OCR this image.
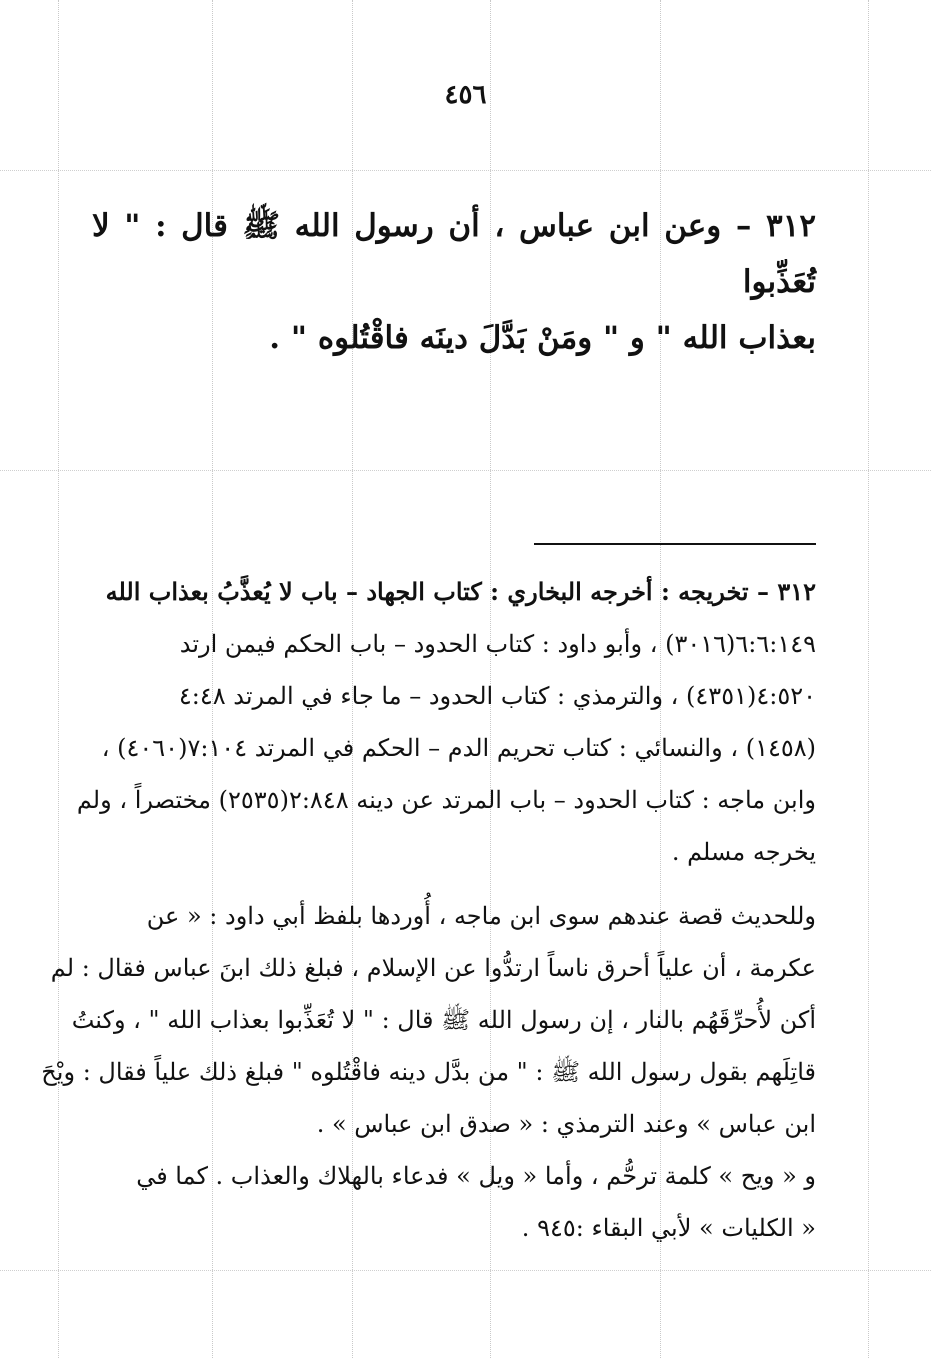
٤٥٦
٣١٢ – وعن ابن عباس ، أن رسول الله ﷺ قال : " لا تُعَذِّبوا
بعذاب الله " و " ومَنْ بَدَّلَ دينَه فاقْتُلوه " .

٣١٢ – تخريجه : أخرجه البخاري : كتاب الجهاد – باب لا يُعذَّبُ بعذاب الله

٦:٦:١٤٩(٣٠١٦) ، وأبو داود : كتاب الحدود – باب الحكم فيمن ارتد

٤:٥٢٠(٤٣٥١) ، والترمذي : كتاب الحدود – ما جاء في المرتد ٤:٤٨

(١٤٥٨) ، والنسائي : كتاب تحريم الدم – الحكم في المرتد ٧:١٠٤(٤٠٦٠) ،

وابن ماجه : كتاب الحدود – باب المرتد عن دينه ٢:٨٤٨(٢٥٣٥) مختصراً ، ولم

يخرجه مسلم .

وللحديث قصة عندهم سوى ابن ماجه ، أُوردها بلفظ أبي داود : « عن

عكرمة ، أن علياً أحرق ناساً ارتدُّوا عن الإسلام ، فبلغ ذلك ابنَ عباس فقال : لم

أكن لأُحرِّقَهُم بالنار ، إن رسول الله ﷺ قال : " لا تُعَذِّبوا بعذاب الله " ، وكنتُ

قاتِلَهم بقول رسول الله ﷺ : " من بدَّل دينه فاقْتُلوه " فبلغ ذلك علياً فقال : ويْحَ

ابن عباس » وعند الترمذي : « صدق ابن عباس » .

و « ويح » كلمة ترحُّم ، وأما « ويل » فدعاء بالهلاك والعذاب . كما في

« الكليات » لأبي البقاء :٩٤٥ .
